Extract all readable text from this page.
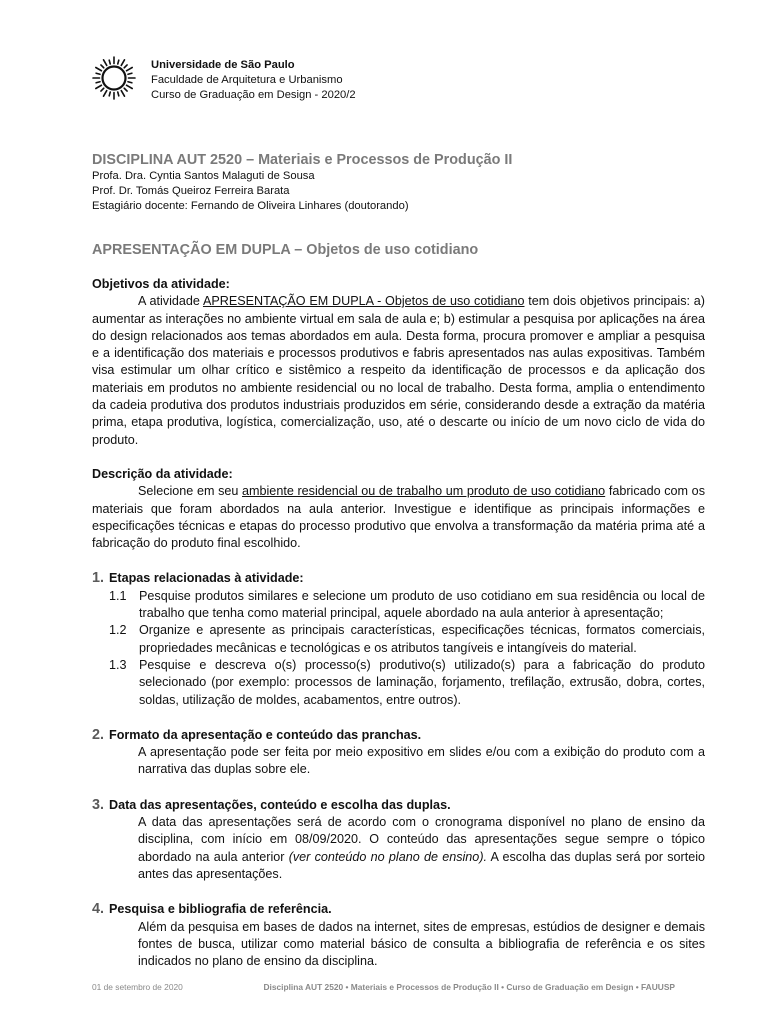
Universidade de São Paulo
Faculdade de Arquitetura e Urbanismo
Curso de Graduação em Design - 2020/2
DISCIPLINA AUT 2520 – Materiais e Processos de Produção II
Profa. Dra. Cyntia Santos Malaguti de Sousa
Prof. Dr. Tomás Queiroz Ferreira Barata
Estagiário docente: Fernando de Oliveira Linhares (doutorando)
APRESENTAÇÃO EM DUPLA – Objetos de uso cotidiano
Objetivos da atividade:

A atividade APRESENTAÇÃO EM DUPLA - Objetos de uso cotidiano tem dois objetivos principais: a) aumentar as interações no ambiente virtual em sala de aula e; b) estimular a pesquisa por aplicações na área do design relacionados aos temas abordados em aula. Desta forma, procura promover e ampliar a pesquisa e a identificação dos materiais e processos produtivos e fabris apresentados nas aulas expositivas. Também visa estimular um olhar crítico e sistêmico a respeito da identificação de processos e da aplicação dos materiais em produtos no ambiente residencial ou no local de trabalho. Desta forma, amplia o entendimento da cadeia produtiva dos produtos industriais produzidos em série, considerando desde a extração da matéria prima, etapa produtiva, logística, comercialização, uso, até o descarte ou início de um novo ciclo de vida do produto.

Descrição da atividade:

Selecione em seu ambiente residencial ou de trabalho um produto de uso cotidiano fabricado com os materiais que foram abordados na aula anterior. Investigue e identifique as principais informações e especificações técnicas e etapas do processo produtivo que envolva a transformação da matéria prima até a fabricação do produto final escolhido.

1. Etapas relacionadas à atividade:
1.1 Pesquise produtos similares e selecione um produto de uso cotidiano em sua residência ou local de trabalho que tenha como material principal, aquele abordado na aula anterior à apresentação;
1.2 Organize e apresente as principais características, especificações técnicas, formatos comerciais, propriedades mecânicas e tecnológicas e os atributos tangíveis e intangíveis do material.
1.3 Pesquise e descreva o(s) processo(s) produtivo(s) utilizado(s) para a fabricação do produto selecionado (por exemplo: processos de laminação, forjamento, trefilação, extrusão, dobra, cortes, soldas, utilização de moldes, acabamentos, entre outros).
2. Formato da apresentação e conteúdo das pranchas.
A apresentação pode ser feita por meio expositivo em slides e/ou com a exibição do produto com a narrativa das duplas sobre ele.
3. Data das apresentações, conteúdo e escolha das duplas.
A data das apresentações será de acordo com o cronograma disponível no plano de ensino da disciplina, com início em 08/09/2020. O conteúdo das apresentações segue sempre o tópico abordado na aula anterior (ver conteúdo no plano de ensino). A escolha das duplas será por sorteio antes das apresentações.
4. Pesquisa e bibliografia de referência.
Além da pesquisa em bases de dados na internet, sites de empresas, estúdios de designer e demais fontes de busca, utilizar como material básico de consulta a bibliografia de referência e os sites indicados no plano de ensino da disciplina.
01 de setembro de 2020	Disciplina AUT 2520 • Materiais e Processos de Produção II • Curso de Graduação em Design • FAUUSP
